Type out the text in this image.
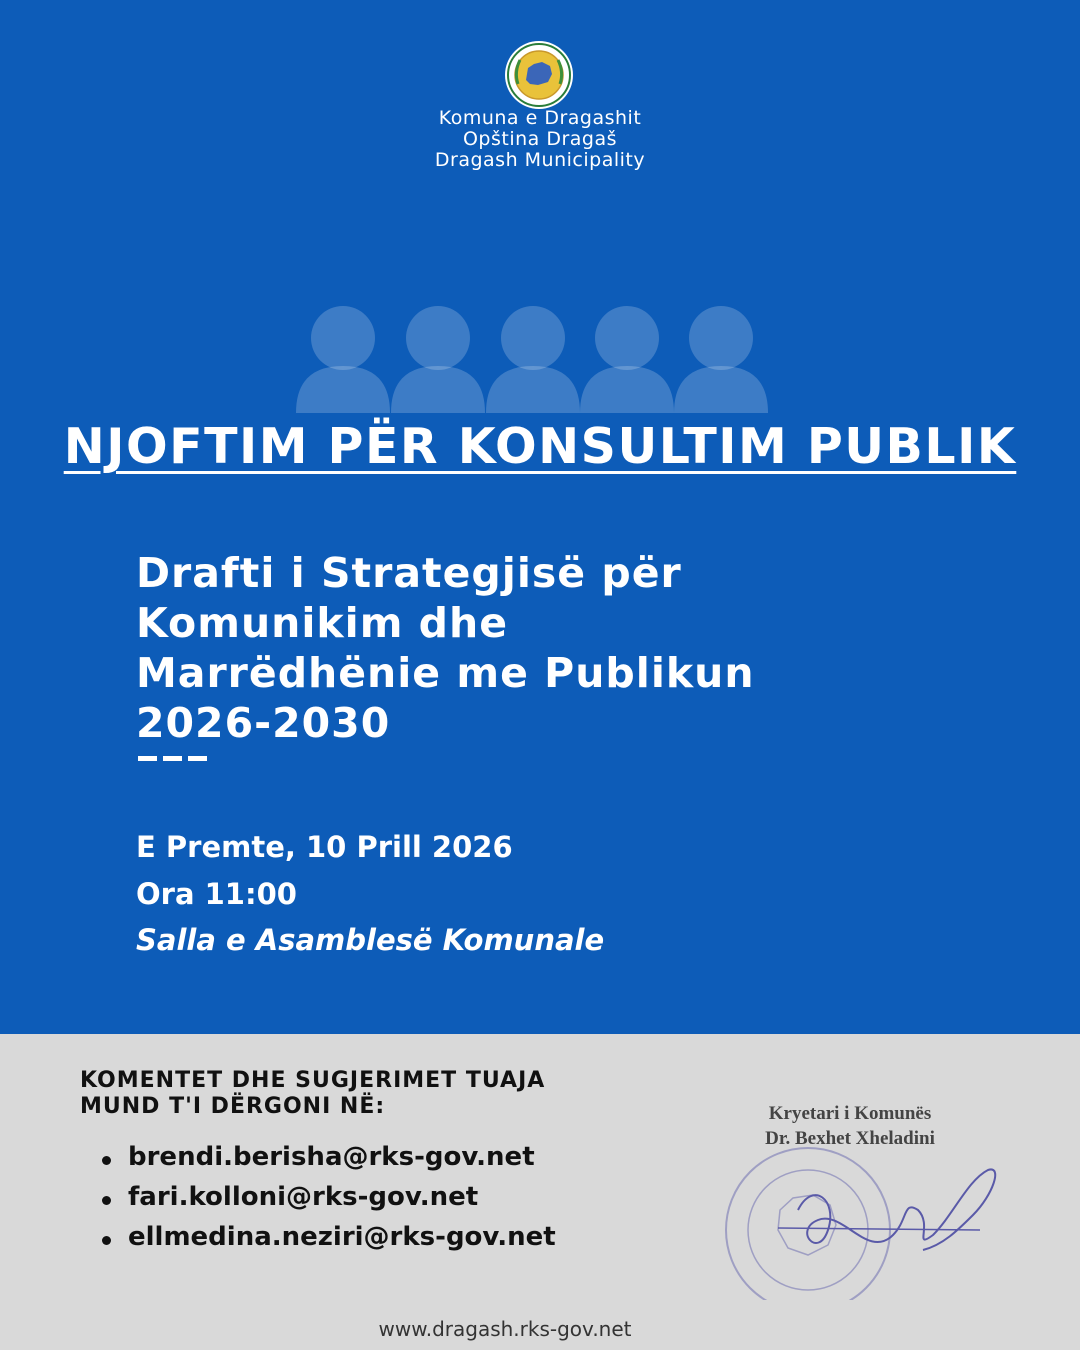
Komuna e Dragashit
Opština Dragaš
Dragash Municipality
NJOFTIM PËR KONSULTIM PUBLIK
Drafti i Strategjisë për
Komunikim dhe
Marrëdhënie me Publikun
2026-2030
E Premte, 10 Prill 2026
Ora 11:00
Salla e Asamblesë Komunale
KOMENTET DHE SUGJERIMET TUAJA
MUND T'I DËRGONI NË:
brendi.berisha@rks-gov.net
fari.kolloni@rks-gov.net
ellmedina.neziri@rks-gov.net
Kryetari i Komunës
Dr. Bexhet Xheladini
www.dragash.rks-gov.net
